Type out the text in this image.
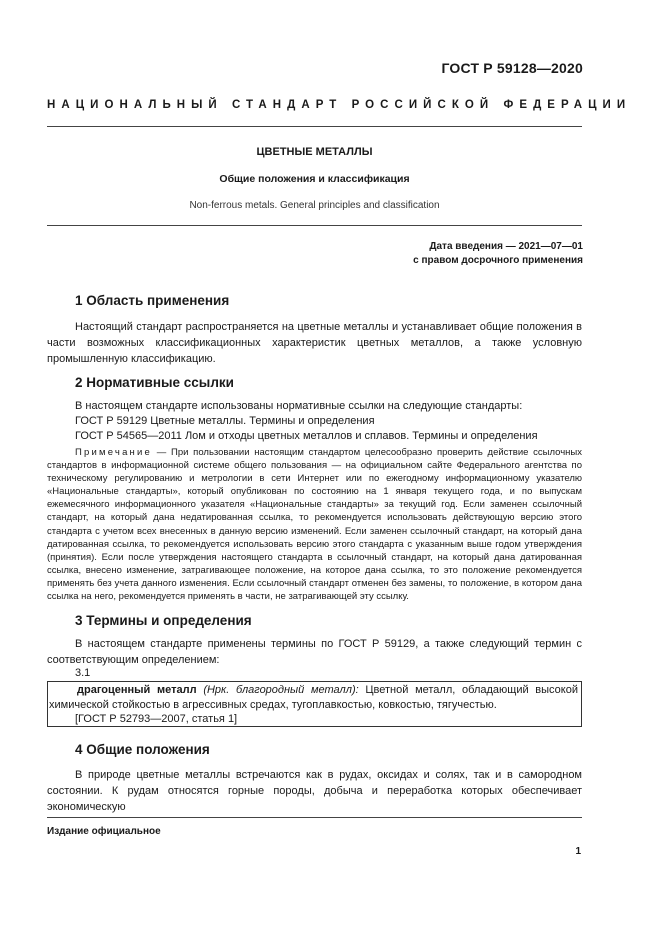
ГОСТ Р 59128—2020
НАЦИОНАЛЬНЫЙ СТАНДАРТ РОССИЙСКОЙ ФЕДЕРАЦИИ
ЦВЕТНЫЕ МЕТАЛЛЫ
Общие положения и классификация
Non-ferrous metals. General principles and classification
Дата введения — 2021—07—01
с правом досрочного применения
1 Область применения
Настоящий стандарт распространяется на цветные металлы и устанавливает общие положения в части возможных классификационных характеристик цветных металлов, а также условную промышленную классификацию.
2 Нормативные ссылки
В настоящем стандарте использованы нормативные ссылки на следующие стандарты:
ГОСТ Р 59129 Цветные металлы. Термины и определения
ГОСТ Р 54565—2011 Лом и отходы цветных металлов и сплавов. Термины и определения
Примечание — При пользовании настоящим стандартом целесообразно проверить действие ссылочных стандартов в информационной системе общего пользования — на официальном сайте Федерального агентства по техническому регулированию и метрологии в сети Интернет или по ежегодному информационному указателю «Национальные стандарты», который опубликован по состоянию на 1 января текущего года, и по выпускам ежемесячного информационного указателя «Национальные стандарты» за текущий год. Если заменен ссылочный стандарт, на который дана недатированная ссылка, то рекомендуется использовать действующую версию этого стандарта с учетом всех внесенных в данную версию изменений. Если заменен ссылочный стандарт, на который дана датированная ссылка, то рекомендуется использовать версию этого стандарта с указанным выше годом утверждения (принятия). Если после утверждения настоящего стандарта в ссылочный стандарт, на который дана датированная ссылка, внесено изменение, затрагивающее положение, на которое дана ссылка, то это положение рекомендуется применять без учета данного изменения. Если ссылочный стандарт отменен без замены, то положение, в котором дана ссылка на него, рекомендуется применять в части, не затрагивающей эту ссылку.
3 Термины и определения
В настоящем стандарте применены термины по ГОСТ Р 59129, а также следующий термин с соответствующим определением:
3.1
драгоценный металл (Нрк. благородный металл): Цветной металл, обладающий высокой химической стойкостью в агрессивных средах, тугоплавкостью, ковкостью, тягучестью.
[ГОСТ Р 52793—2007, статья 1]
4 Общие положения
В природе цветные металлы встречаются как в рудах, оксидах и солях, так и в самородном состоянии. К рудам относятся горные породы, добыча и переработка которых обеспечивает экономическую
Издание официальное
1
